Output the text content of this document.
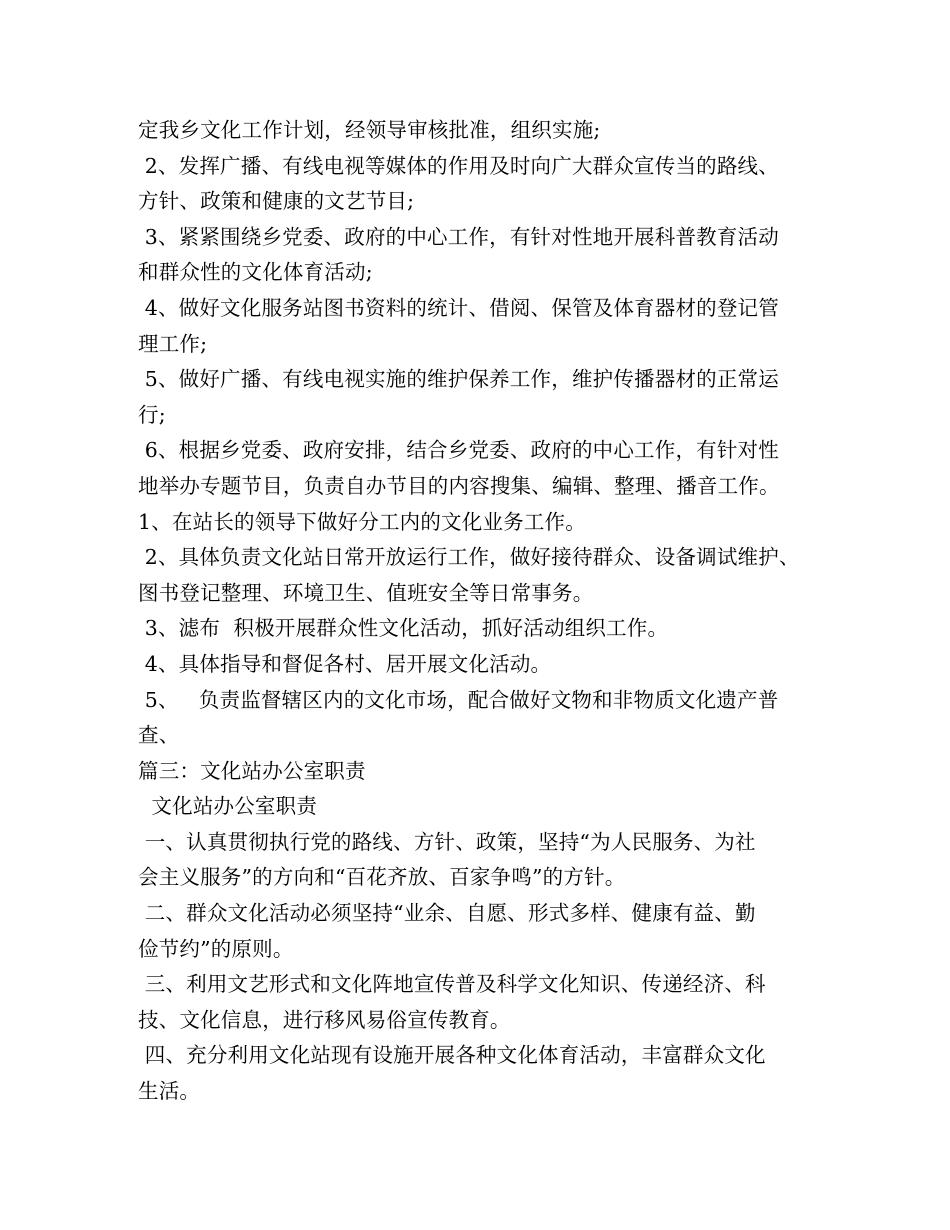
定我乡文化工作计划，经领导审核批准，组织实施;
2、发挥广播、有线电视等媒体的作用及时向广大群众宣传当的路线、
方针、政策和健康的文艺节目;
3、紧紧围绕乡党委、政府的中心工作，有针对性地开展科普教育活动
和群众性的文化体育活动;
4、做好文化服务站图书资料的统计、借阅、保管及体育器材的登记管
理工作;
5、做好广播、有线电视实施的维护保养工作，维护传播器材的正常运
行;
6、根据乡党委、政府安排，结合乡党委、政府的中心工作，有针对性
地举办专题节目，负责自办节目的内容搜集、编辑、整理、播音工作。
1、在站长的领导下做好分工内的文化业务工作。
2、具体负责文化站日常开放运行工作，做好接待群众、设备调试维护、
图书登记整理、环境卫生、值班安全等日常事务。
3、滤布  积极开展群众性文化活动，抓好活动组织工作。
4、具体指导和督促各村、居开展文化活动。
5、   负责监督辖区内的文化市场，配合做好文物和非物质文化遗产普
查、
篇三：文化站办公室职责
文化站办公室职责
一、认真贯彻执行党的路线、方针、政策，坚持“为人民服务、为社
会主义服务”的方向和“百花齐放、百家争鸣”的方针。
二、群众文化活动必须坚持“业余、自愿、形式多样、健康有益、勤
俭节约”的原则。
三、利用文艺形式和文化阵地宣传普及科学文化知识、传递经济、科
技、文化信息，进行移风易俗宣传教育。
四、充分利用文化站现有设施开展各种文化体育活动，丰富群众文化
生活。
